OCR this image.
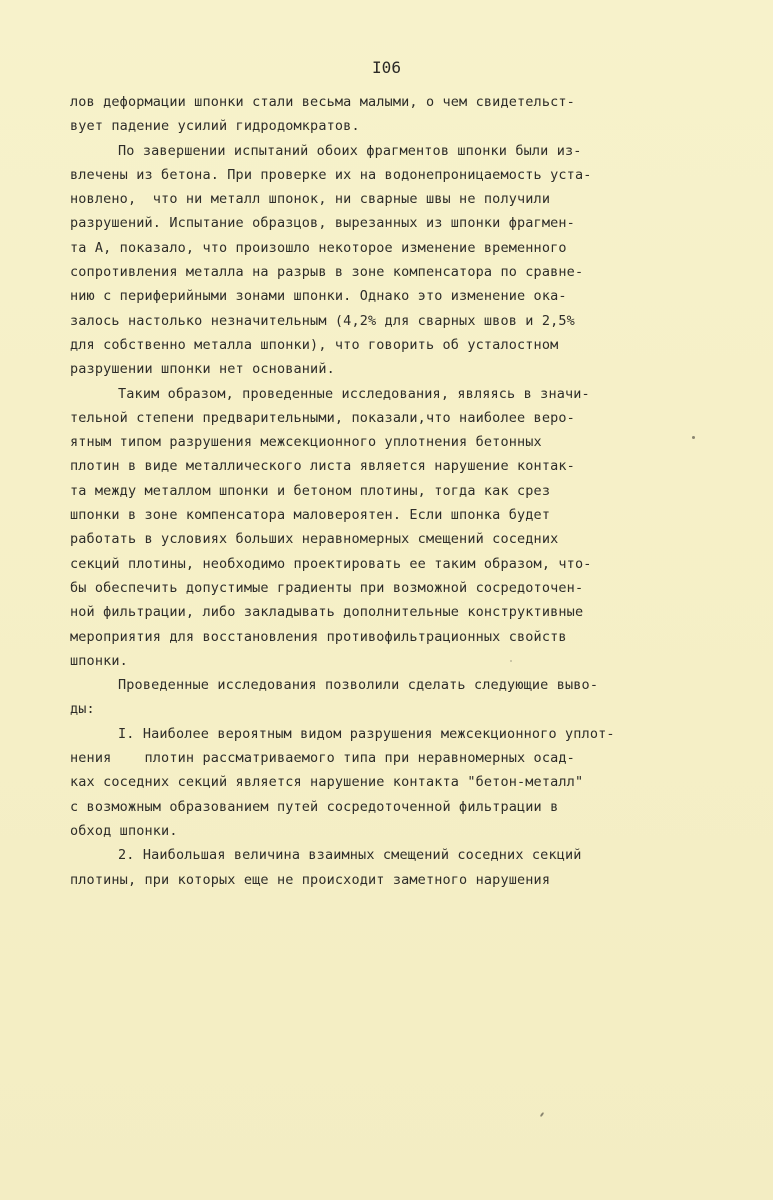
I06
лов деформации шпонки стали весьма малыми, о чем свидетельст-
вует падение усилий гидродомкратов.
По завершении испытаний обоих фрагментов шпонки были из-
влечены из бетона. При проверке их на водонепроницаемость уста-
новлено,  что ни металл шпонок, ни сварные швы не получили
разрушений. Испытание образцов, вырезанных из шпонки фрагмен-
та А, показало, что произошло некоторое изменение временного
сопротивления металла на разрыв в зоне компенсатора по сравне-
нию с периферийными зонами шпонки. Однако это изменение ока-
залось настолько незначительным (4,2% для сварных швов и 2,5%
для собственно металла шпонки), что говорить об усталостном
разрушении шпонки нет оснований.
Таким образом, проведенные исследования, являясь в значи-
тельной степени предварительными, показали,что наиболее веро-
ятным типом разрушения межсекционного уплотнения бетонных
плотин в виде металлического листа является нарушение контак-
та между металлом шпонки и бетоном плотины, тогда как срез
шпонки в зоне компенсатора маловероятен. Если шпонка будет
работать в условиях больших неравномерных смещений соседних
секций плотины, необходимо проектировать ее таким образом, что-
бы обеспечить допустимые градиенты при возможной сосредоточен-
ной фильтрации, либо закладывать дополнительные конструктивные
мероприятия для восстановления противофильтрационных свойств
шпонки.
Проведенные исследования позволили сделать следующие выво-
ды:
I. Наиболее вероятным видом разрушения межсекционного уплот-
нения    плотин рассматриваемого типа при неравномерных осад-
ках соседних секций является нарушение контакта "бетон-металл"
с возможным образованием путей сосредоточенной фильтрации в
обход шпонки.
2. Наибольшая величина взаимных смещений соседних секций
плотины, при которых еще не происходит заметного нарушения
